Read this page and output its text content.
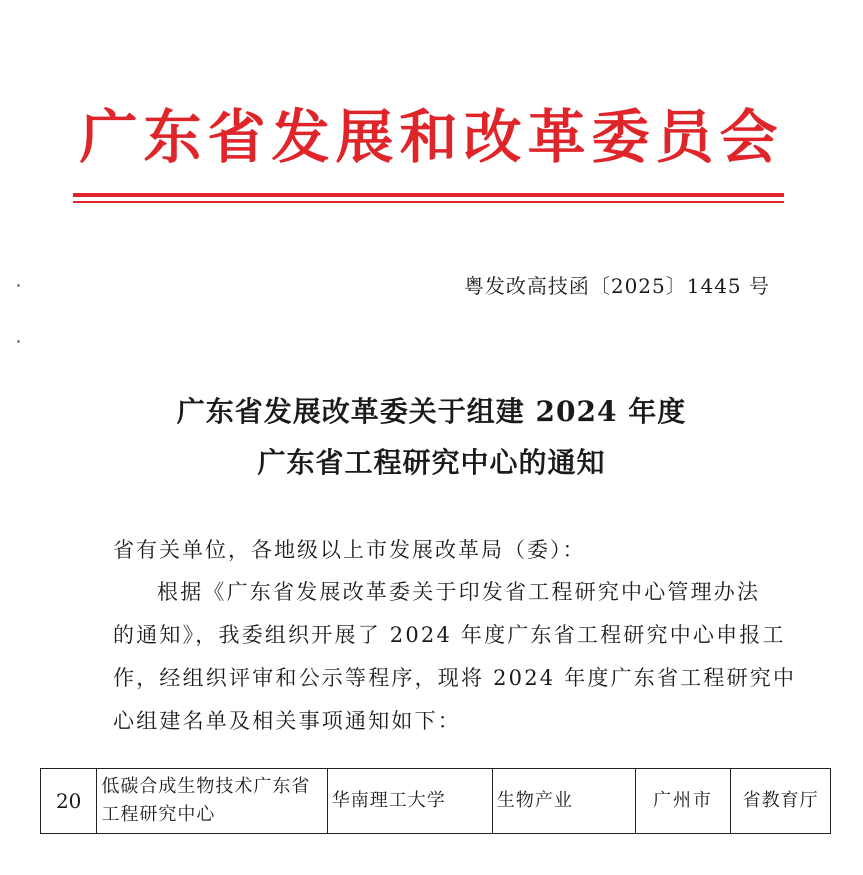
广东省发展和改革委员会
粤发改高技函〔2025〕1445 号
广东省发展改革委关于组建 2024 年度
广东省工程研究中心的通知
省有关单位，各地级以上市发展改革局（委）：
根据《广东省发展改革委关于印发省工程研究中心管理办法
的通知》，我委组织开展了 2024 年度广东省工程研究中心申报工
作，经组织评审和公示等程序，现将 2024 年度广东省工程研究中
心组建名单及相关事项通知如下：
20	低碳合成生物技术广东省工程研究中心	华南理工大学	生物产业	广州市	省教育厅
